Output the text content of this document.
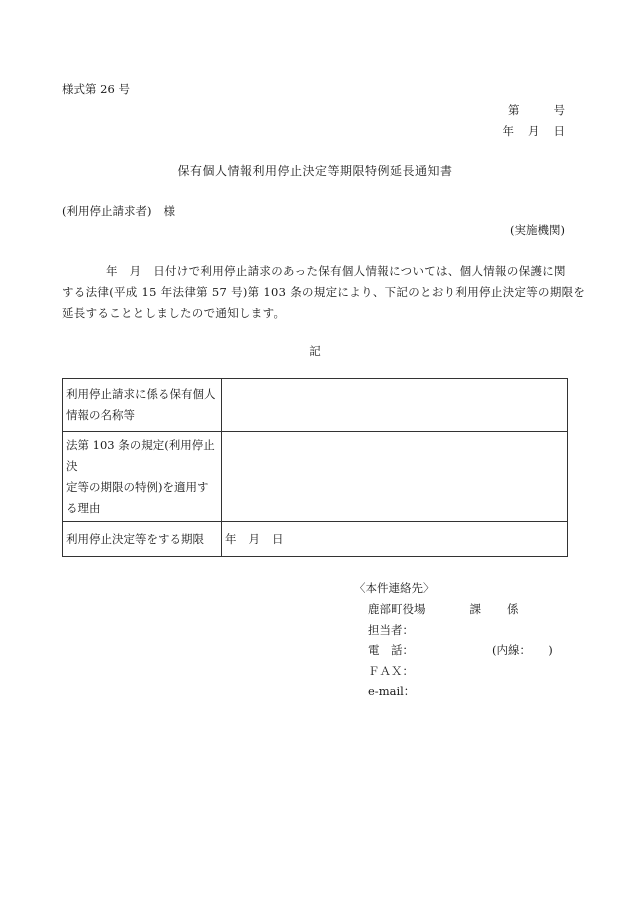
様式第 26 号
第	号
年 月 日
保有個人情報利用停止決定等期限特例延長通知書
(利用停止請求者) 様
(実施機関)
年　月　日付けで利用停止請求のあった保有個人情報については、個人情報の保護に関
する法律(平成 15 年法律第 57 号)第 103 条の規定により、下記のとおり利用停止決定等の期限を
延長することとしましたので通知します。
記
利用停止請求に係る保有個人
情報の名称等	

法第 103 条の規定(利用停止決
定等の期限の特例)を適用す
る理由	

利用停止決定等をする期限	年 月 日
〈本件連絡先〉
鹿部町役場	課 係
担当者：
電　話：	(内線：　　)
ＦＡＸ：
e-mail：
